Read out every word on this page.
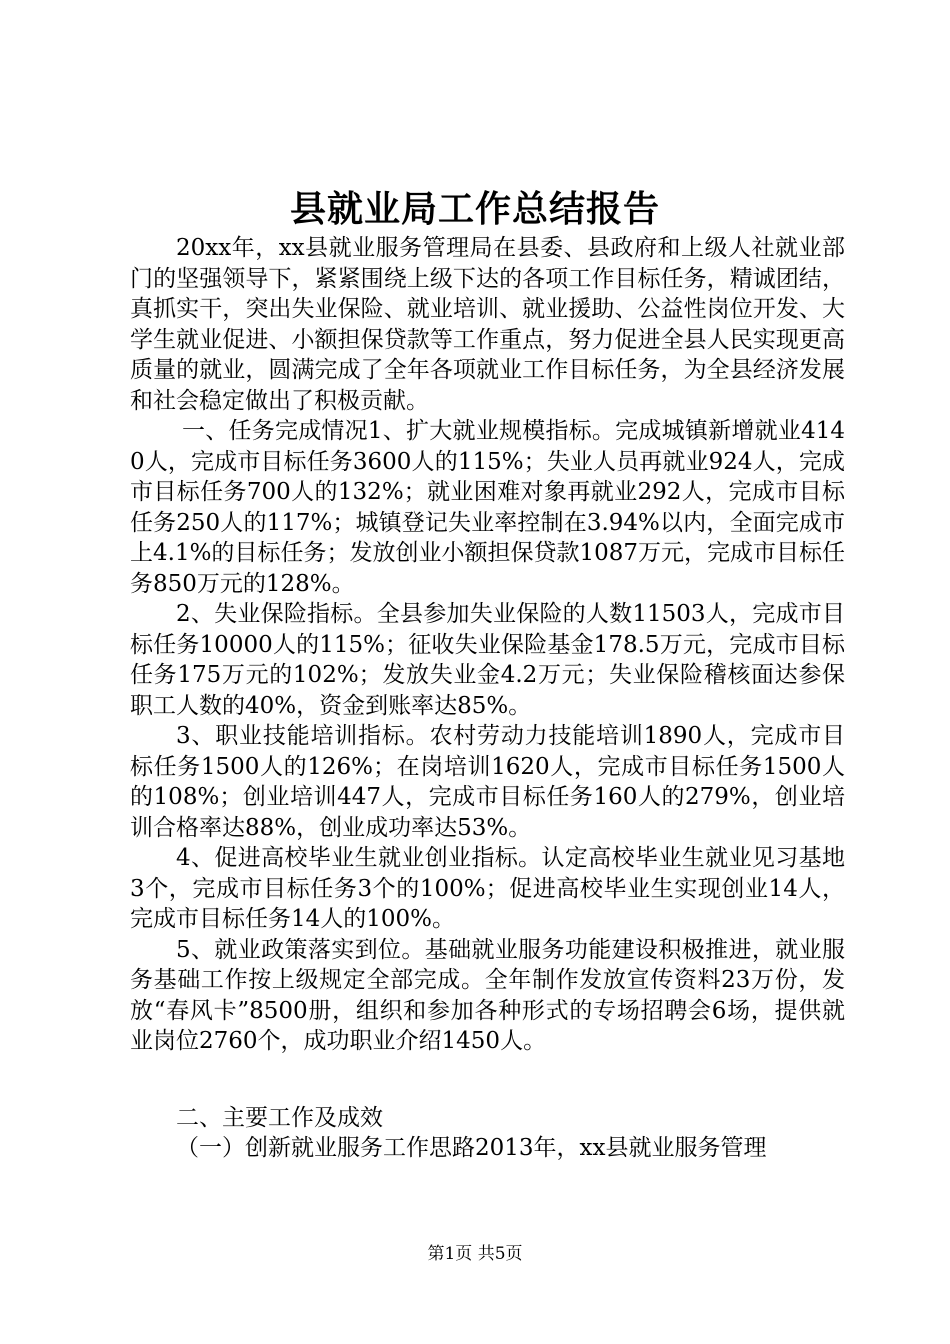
县就业局工作总结报告

20xx年，xx县就业服务管理局在县委、县政府和上级人社就业部门的坚强领导下，紧紧围绕上级下达的各项工作目标任务，精诚团结，真抓实干，突出失业保险、就业培训、就业援助、公益性岗位开发、大学生就业促进、小额担保贷款等工作重点，努力促进全县人民实现更高质量的就业，圆满完成了全年各项就业工作目标任务，为全县经济发展和社会稳定做出了积极贡献。

一、任务完成情况1、扩大就业规模指标。完成城镇新增就业4140人，完成市目标任务3600人的115%；失业人员再就业924人，完成市目标任务700人的132%；就业困难对象再就业292人，完成市目标任务250人的117%；城镇登记失业率控制在3.94%以内，全面完成市上4.1%的目标任务；发放创业小额担保贷款1087万元，完成市目标任务850万元的128%。

2、失业保险指标。全县参加失业保险的人数11503人，完成市目标任务10000人的115%；征收失业保险基金178.5万元，完成市目标任务175万元的102%；发放失业金4.2万元；失业保险稽核面达参保职工人数的40%，资金到账率达85%。

3、职业技能培训指标。农村劳动力技能培训1890人，完成市目标任务1500人的126%；在岗培训1620人，完成市目标任务1500人的108%；创业培训447人，完成市目标任务160人的279%，创业培训合格率达88%，创业成功率达53%。

4、促进高校毕业生就业创业指标。认定高校毕业生就业见习基地3个，完成市目标任务3个的100%；促进高校毕业生实现创业14人，完成市目标任务14人的100%。

5、就业政策落实到位。基础就业服务功能建设积极推进，就业服务基础工作按上级规定全部完成。全年制作发放宣传资料23万份，发放“春风卡”8500册，组织和参加各种形式的专场招聘会6场，提供就业岗位2760个，成功职业介绍1450人。

二、主要工作及成效

（一）创新就业服务工作思路2013年，xx县就业服务管理

第1页 共5页
